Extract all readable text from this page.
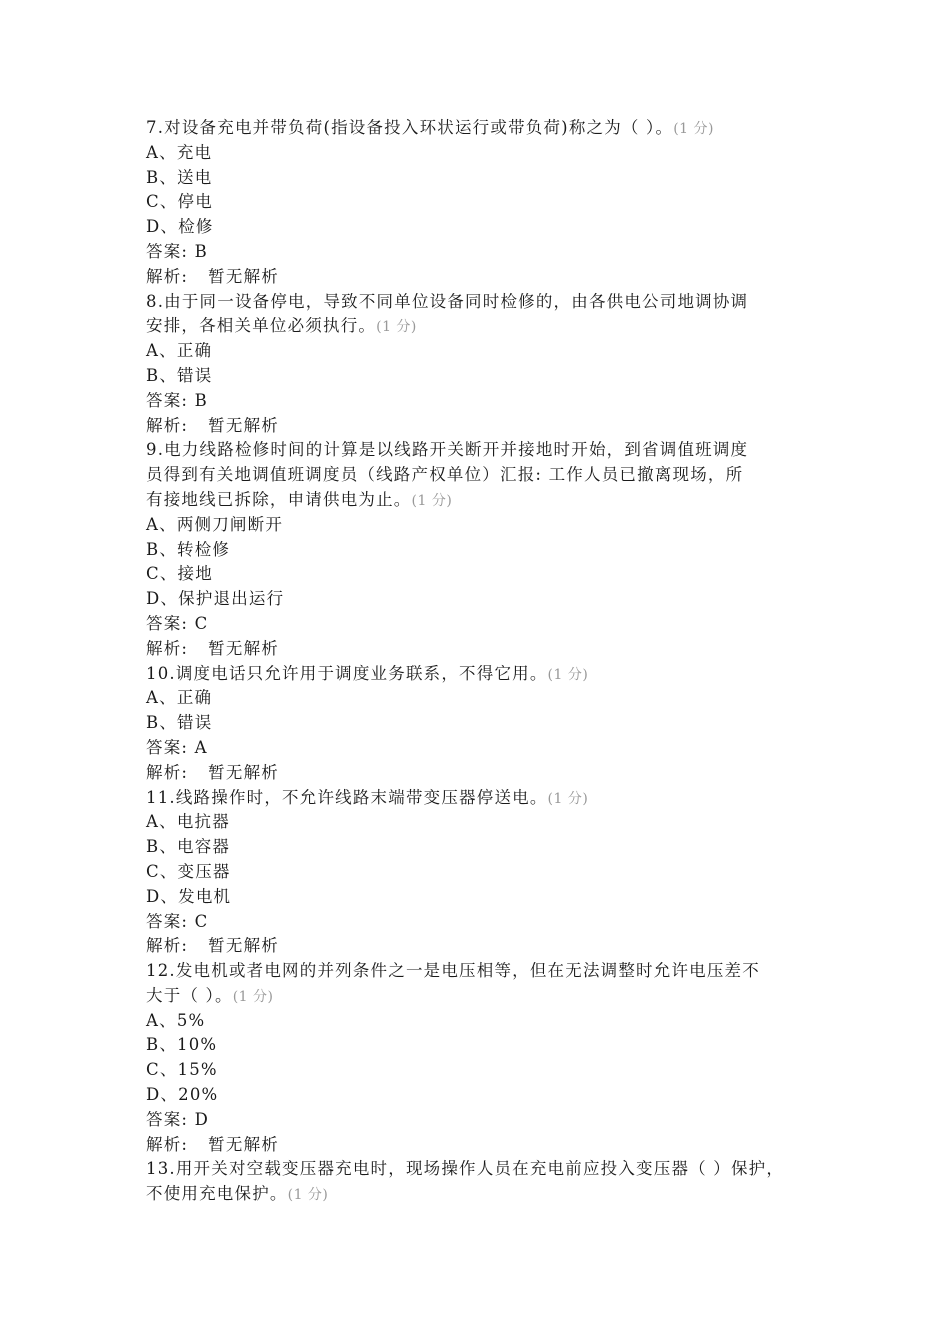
7.对设备充电并带负荷(指设备投入环状运行或带负荷)称之为（ ）。(1 分)
A、充电
B、送电
C、停电
D、检修
答案: B
解析: 暂无解析
8.由于同一设备停电，导致不同单位设备同时检修的，由各供电公司地调协调
安排，各相关单位必须执行。(1 分)
A、正确
B、错误
答案: B
解析: 暂无解析
9.电力线路检修时间的计算是以线路开关断开并接地时开始，到省调值班调度
员得到有关地调值班调度员（线路产权单位）汇报: 工作人员已撤离现场，所
有接地线已拆除，申请供电为止。(1 分)
A、两侧刀闸断开
B、转检修
C、接地
D、保护退出运行
答案: C
解析: 暂无解析
10.调度电话只允许用于调度业务联系，不得它用。(1 分)
A、正确
B、错误
答案: A
解析: 暂无解析
11.线路操作时，不允许线路末端带变压器停送电。(1 分)
A、电抗器
B、电容器
C、变压器
D、发电机
答案: C
解析: 暂无解析
12.发电机或者电网的并列条件之一是电压相等，但在无法调整时允许电压差不
大于（ ）。(1 分)
A、5%
B、10%
C、15%
D、20%
答案: D
解析: 暂无解析
13.用开关对空载变压器充电时，现场操作人员在充电前应投入变压器（ ）保护，
不使用充电保护。(1 分)
